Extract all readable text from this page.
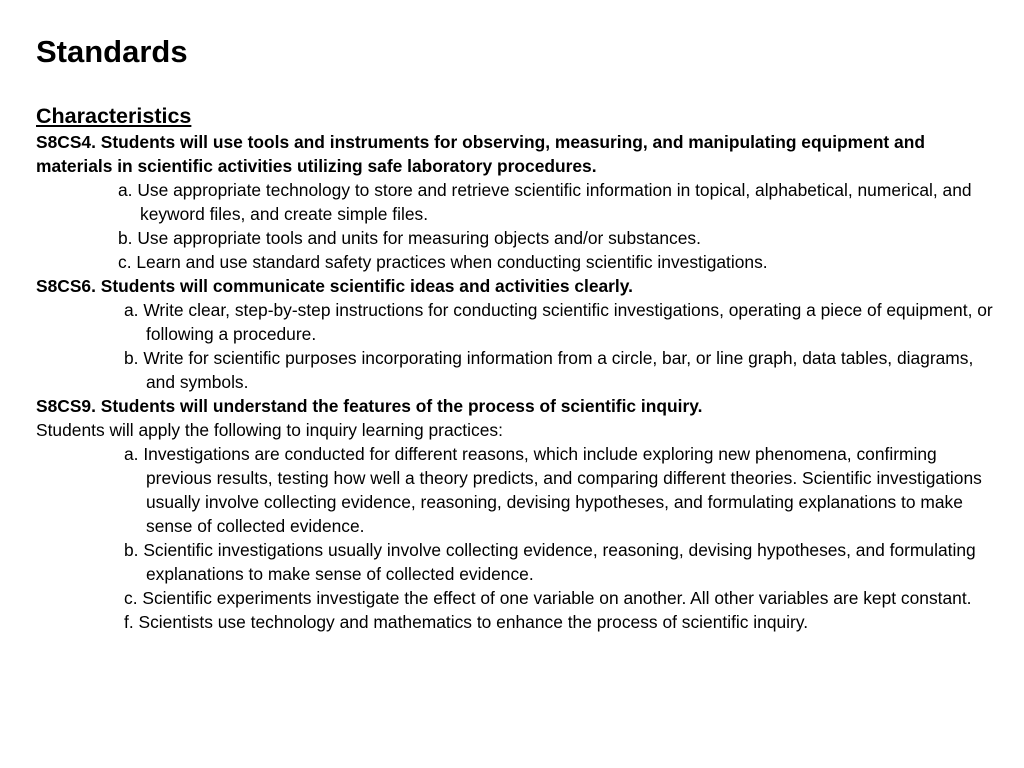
Standards
Characteristics
S8CS4. Students will use tools and instruments for observing, measuring, and manipulating equipment and materials in scientific activities utilizing safe laboratory procedures.
a. Use appropriate technology to store and retrieve scientific information in topical, alphabetical, numerical, and keyword files, and create simple files.
b. Use appropriate tools and units for measuring objects and/or substances.
c. Learn and use standard safety practices when conducting scientific investigations.
S8CS6. Students will communicate scientific ideas and activities clearly.
a. Write clear, step-by-step instructions for conducting scientific investigations, operating a piece of equipment, or following a procedure.
b. Write for scientific purposes incorporating information from a circle, bar, or line graph, data tables, diagrams, and symbols.
S8CS9. Students will understand the features of the process of scientific inquiry.
Students will apply the following to inquiry learning practices:
a. Investigations are conducted for different reasons, which include exploring new phenomena, confirming previous results, testing how well a theory predicts, and comparing different theories. Scientific investigations usually involve collecting evidence, reasoning, devising hypotheses, and formulating explanations to make sense of collected evidence.
b. Scientific investigations usually involve collecting evidence, reasoning, devising hypotheses, and formulating explanations to make sense of collected evidence.
c. Scientific experiments investigate the effect of one variable on another. All other variables are kept constant.
f. Scientists use technology and mathematics to enhance the process of scientific inquiry.
